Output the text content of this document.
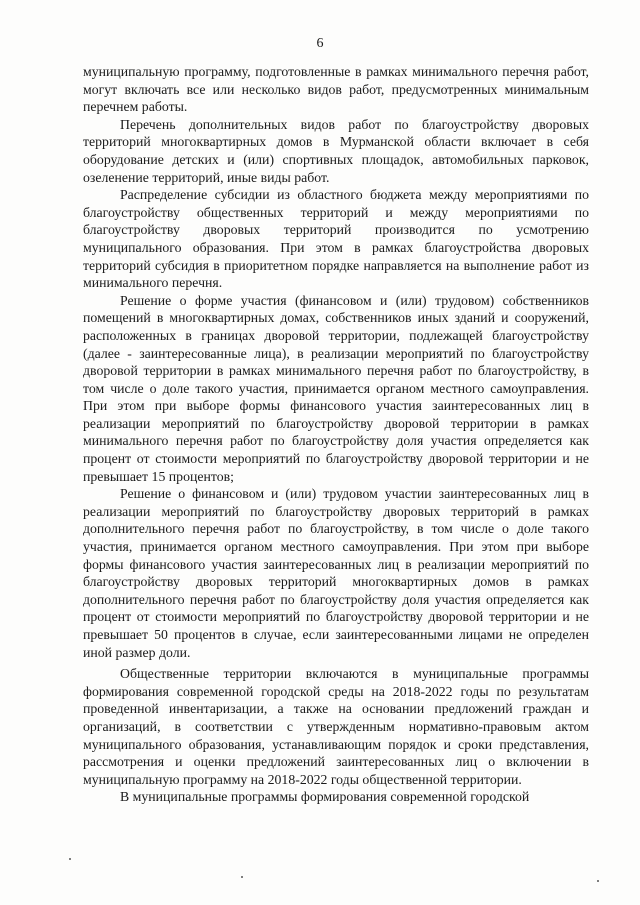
6

муниципальную программу, подготовленные в рамках минимального перечня работ, могут включать все или несколько видов работ, предусмотренных минимальным перечнем работы.

Перечень дополнительных видов работ по благоустройству дворовых территорий многоквартирных домов в Мурманской области включает в себя оборудование детских и (или) спортивных площадок, автомобильных парковок, озеленение территорий, иные виды работ.

Распределение субсидии из областного бюджета между мероприятиями по благоустройству общественных территорий и между мероприятиями по благоустройству дворовых территорий производится по усмотрению муниципального образования. При этом в рамках благоустройства дворовых территорий субсидия в приоритетном порядке направляется на выполнение работ из минимального перечня.

Решение о форме участия (финансовом и (или) трудовом) собственников помещений в многоквартирных домах, собственников иных зданий и сооружений, расположенных в границах дворовой территории, подлежащей благоустройству (далее - заинтересованные лица), в реализации мероприятий по благоустройству дворовой территории в рамках минимального перечня работ по благоустройству, в том числе о доле такого участия, принимается органом местного самоуправления. При этом при выборе формы финансового участия заинтересованных лиц в реализации мероприятий по благоустройству дворовой территории в рамках минимального перечня работ по благоустройству доля участия определяется как процент от стоимости мероприятий по благоустройству дворовой территории и не превышает 15 процентов;

Решение о финансовом и (или) трудовом участии заинтересованных лиц в реализации мероприятий по благоустройству дворовых территорий в рамках дополнительного перечня работ по благоустройству, в том числе о доле такого участия, принимается органом местного самоуправления. При этом при выборе формы финансового участия заинтересованных лиц в реализации мероприятий по благоустройству дворовых территорий многоквартирных домов в рамках дополнительного перечня работ по благоустройству доля участия определяется как процент от стоимости мероприятий по благоустройству дворовой территории и не превышает 50 процентов в случае, если заинтересованными лицами не определен иной размер доли.

Общественные территории включаются в муниципальные программы формирования современной городской среды на 2018-2022 годы по результатам проведенной инвентаризации, а также на основании предложений граждан и организаций, в соответствии с утвержденным нормативно-правовым актом муниципального образования, устанавливающим порядок и сроки представления, рассмотрения и оценки предложений заинтересованных лиц о включении в муниципальную программу на 2018-2022 годы общественной территории.

В муниципальные программы формирования современной городской
